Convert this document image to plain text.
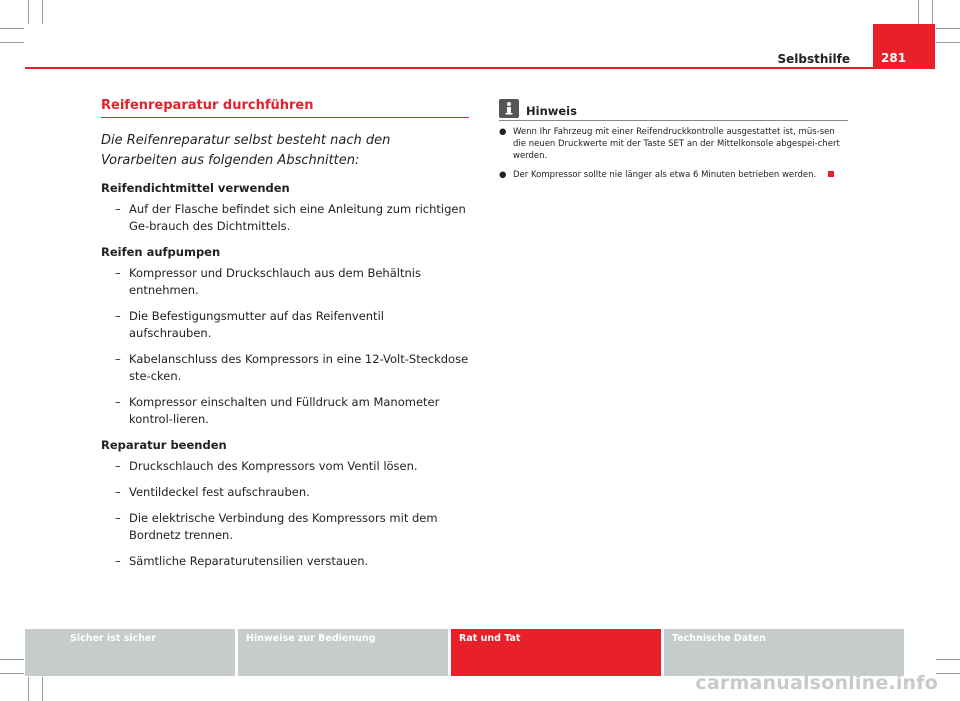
Selbsthilfe	281
Reifenreparatur durchführen

Die Reifenreparatur selbst besteht nach den Vorarbeiten aus folgenden Abschnitten:

Reifendichtmittel verwenden
– Auf der Flasche befindet sich eine Anleitung zum richtigen Ge-brauch des Dichtmittels.
Reifen aufpumpen
– Kompressor und Druckschlauch aus dem Behältnis entnehmen.
– Die Befestigungsmutter auf das Reifenventil aufschrauben.
– Kabelanschluss des Kompressors in eine 12-Volt-Steckdose ste-cken.
– Kompressor einschalten und Fülldruck am Manometer kontrol-lieren.
Reparatur beenden
– Druckschlauch des Kompressors vom Ventil lösen.
– Ventildeckel fest aufschrauben.
– Die elektrische Verbindung des Kompressors mit dem Bordnetz trennen.
– Sämtliche Reparaturutensilien verstauen.
Hinweis
● Wenn Ihr Fahrzeug mit einer Reifendruckkontrolle ausgestattet ist, müs-sen die neuen Druckwerte mit der Taste SET an der Mittelkonsole abgespei-chert werden.
● Der Kompressor sollte nie länger als etwa 6 Minuten betrieben werden.
Sicher ist sicher	Hinweise zur Bedienung	Rat und Tat	Technische Daten
carmanualsonline.info
